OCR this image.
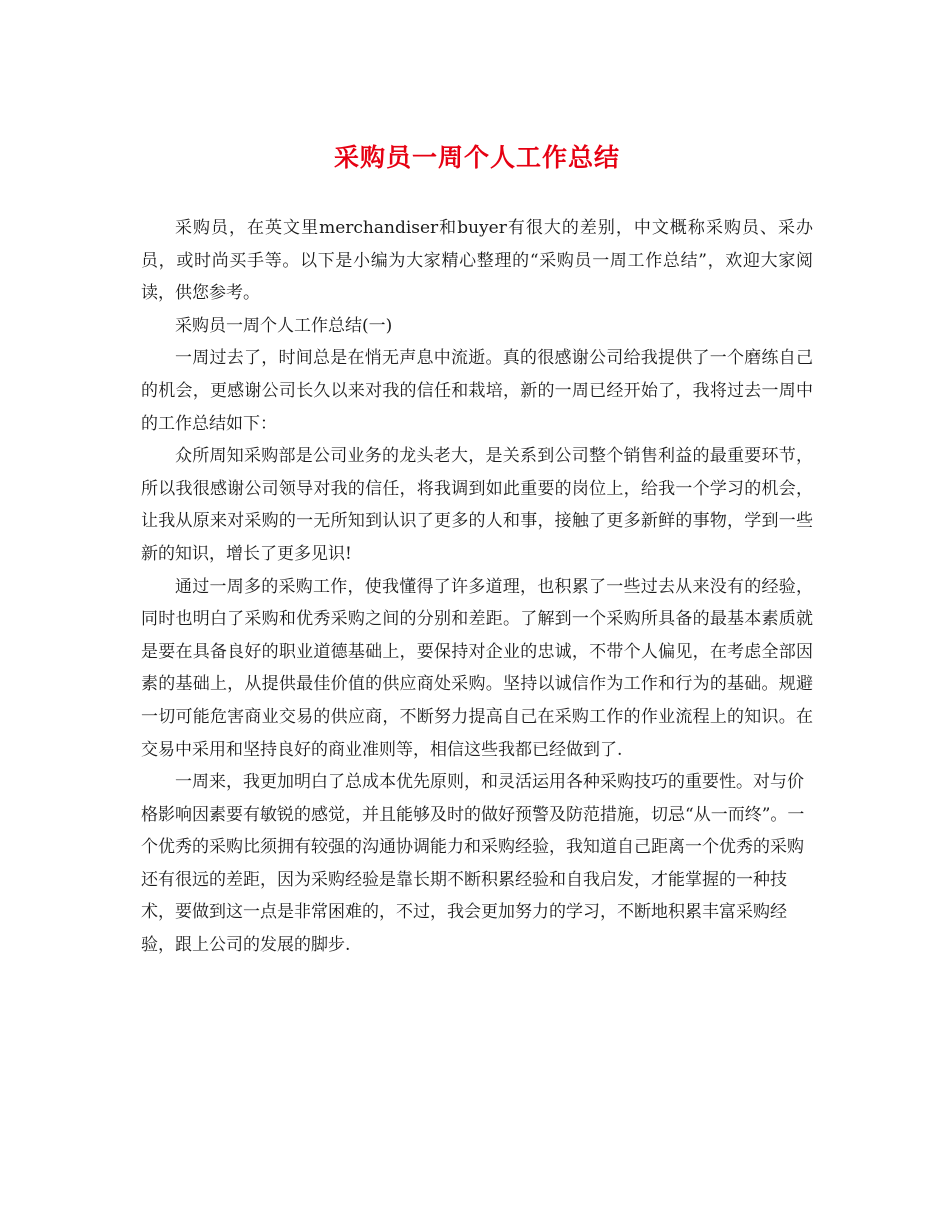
采购员一周个人工作总结

采购员，在英文里merchandiser和buyer有很大的差别，中文概称采购员、采办员，或时尚买手等。以下是小编为大家精心整理的“采购员一周工作总结”，欢迎大家阅读，供您参考。

采购员一周个人工作总结(一)

一周过去了，时间总是在悄无声息中流逝。真的很感谢公司给我提供了一个磨练自己的机会，更感谢公司长久以来对我的信任和栽培，新的一周已经开始了，我将过去一周中的工作总结如下：

众所周知采购部是公司业务的龙头老大，是关系到公司整个销售利益的最重要环节，所以我很感谢公司领导对我的信任，将我调到如此重要的岗位上，给我一个学习的机会，让我从原来对采购的一无所知到认识了更多的人和事，接触了更多新鲜的事物，学到一些新的知识，增长了更多见识!

通过一周多的采购工作，使我懂得了许多道理，也积累了一些过去从来没有的经验，同时也明白了采购和优秀采购之间的分别和差距。了解到一个采购所具备的最基本素质就是要在具备良好的职业道德基础上，要保持对企业的忠诚，不带个人偏见，在考虑全部因素的基础上，从提供最佳价值的供应商处采购。坚持以诚信作为工作和行为的基础。规避一切可能危害商业交易的供应商，不断努力提高自己在采购工作的作业流程上的知识。在交易中采用和坚持良好的商业准则等，相信这些我都已经做到了.

一周来，我更加明白了总成本优先原则，和灵活运用各种采购技巧的重要性。对与价格影响因素要有敏锐的感觉，并且能够及时的做好预警及防范措施，切忌“从一而终”。一个优秀的采购比须拥有较强的沟通协调能力和采购经验，我知道自己距离一个优秀的采购还有很远的差距，因为采购经验是靠长期不断积累经验和自我启发，才能掌握的一种技术，要做到这一点是非常困难的，不过，我会更加努力的学习，不断地积累丰富采购经验，跟上公司的发展的脚步.
